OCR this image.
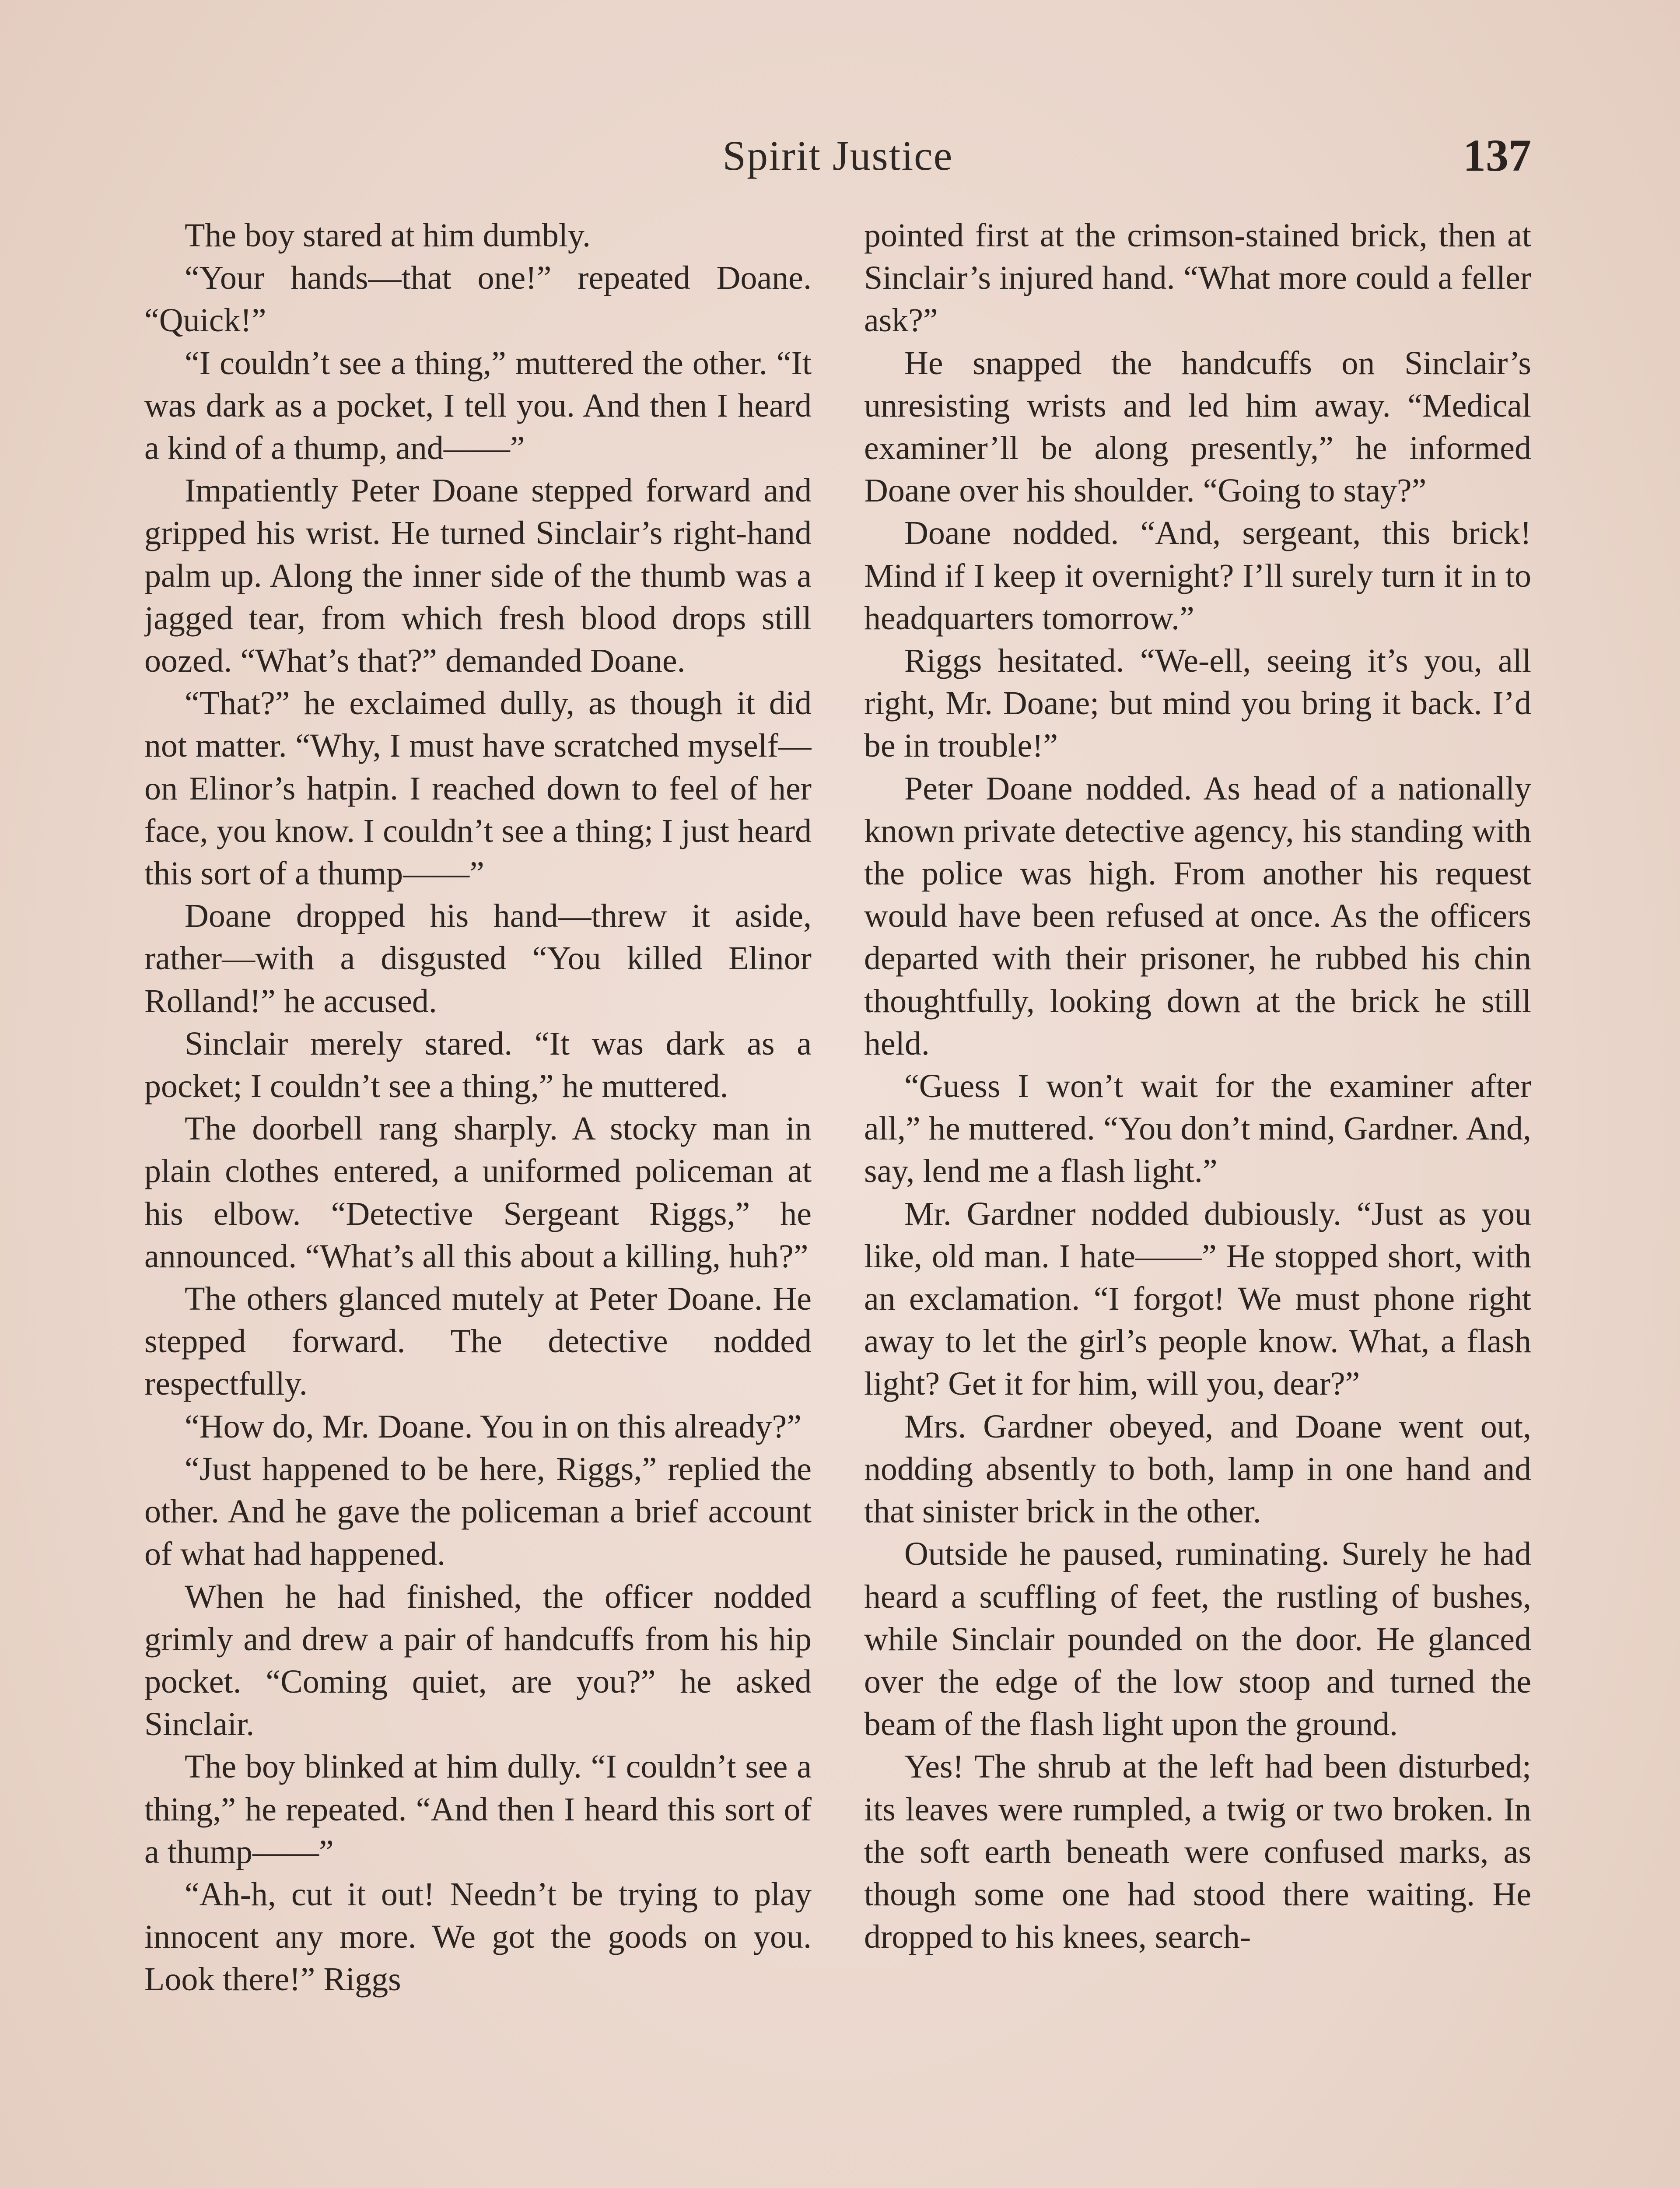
Spirit Justice	137

The boy stared at him dumbly.

“Your hands—that one!” repeated Doane. “Quick!”

“I couldn’t see a thing,” muttered the other. “It was dark as a pocket, I tell you. And then I heard a kind of a thump, and——”

Impatiently Peter Doane stepped forward and gripped his wrist. He turned Sinclair’s right-hand palm up. Along the inner side of the thumb was a jagged tear, from which fresh blood drops still oozed. “What’s that?” demanded Doane.

“That?” he exclaimed dully, as though it did not matter. “Why, I must have scratched myself—on Elinor’s hatpin. I reached down to feel of her face, you know. I couldn’t see a thing; I just heard this sort of a thump——”

Doane dropped his hand—threw it aside, rather—with a disgusted “You killed Elinor Rolland!” he accused.

Sinclair merely stared. “It was dark as a pocket; I couldn’t see a thing,” he muttered.

The doorbell rang sharply. A stocky man in plain clothes entered, a uniformed policeman at his elbow. “Detective Sergeant Riggs,” he announced. “What’s all this about a killing, huh?”

The others glanced mutely at Peter Doane. He stepped forward. The detective nodded respectfully.

“How do, Mr. Doane. You in on this already?”

“Just happened to be here, Riggs,” replied the other. And he gave the policeman a brief account of what had happened.

When he had finished, the officer nodded grimly and drew a pair of handcuffs from his hip pocket. “Coming quiet, are you?” he asked Sinclair.

The boy blinked at him dully. “I couldn’t see a thing,” he repeated. “And then I heard this sort of a thump——”

“Ah-h, cut it out! Needn’t be trying to play innocent any more. We got the goods on you. Look there!” Riggs

pointed first at the crimson-stained brick, then at Sinclair’s injured hand. “What more could a feller ask?”

He snapped the handcuffs on Sinclair’s unresisting wrists and led him away. “Medical examiner’ll be along presently,” he informed Doane over his shoulder. “Going to stay?”

Doane nodded. “And, sergeant, this brick! Mind if I keep it overnight? I’ll surely turn it in to headquarters tomorrow.”

Riggs hesitated. “We-ell, seeing it’s you, all right, Mr. Doane; but mind you bring it back. I’d be in trouble!”

Peter Doane nodded. As head of a nationally known private detective agency, his standing with the police was high. From another his request would have been refused at once. As the officers departed with their prisoner, he rubbed his chin thoughtfully, looking down at the brick he still held.

“Guess I won’t wait for the examiner after all,” he muttered. “You don’t mind, Gardner. And, say, lend me a flash light.”

Mr. Gardner nodded dubiously. “Just as you like, old man. I hate——” He stopped short, with an exclamation. “I forgot! We must phone right away to let the girl’s people know. What, a flash light? Get it for him, will you, dear?”

Mrs. Gardner obeyed, and Doane went out, nodding absently to both, lamp in one hand and that sinister brick in the other.

Outside he paused, ruminating. Surely he had heard a scuffling of feet, the rustling of bushes, while Sinclair pounded on the door. He glanced over the edge of the low stoop and turned the beam of the flash light upon the ground.

Yes! The shrub at the left had been disturbed; its leaves were rumpled, a twig or two broken. In the soft earth beneath were confused marks, as though some one had stood there waiting. He dropped to his knees, search-
